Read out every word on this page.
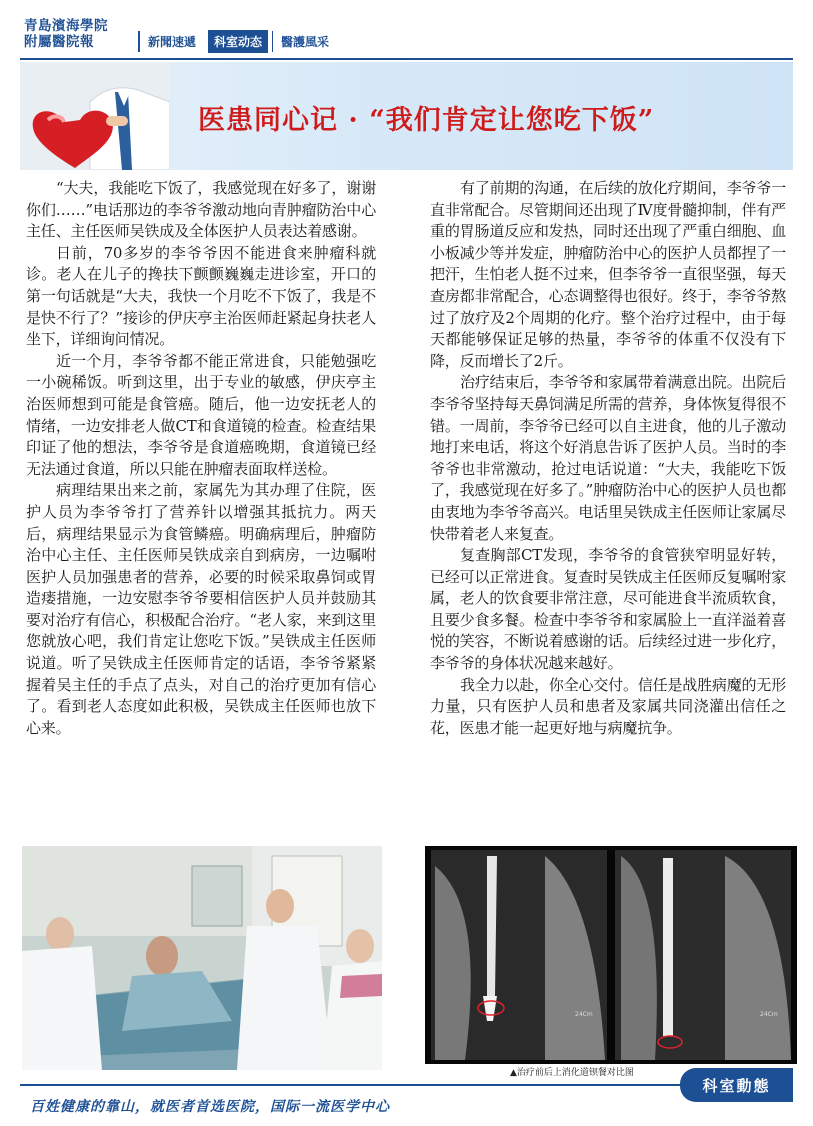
青島濱海學院
附屬醫院報	新聞速遞	科室动态	醫護風采
医患同心记 · “我们肯定让您吃下饭”

“大夫，我能吃下饭了，我感觉现在好多了，谢谢你们……”电话那边的李爷爷激动地向青肿瘤防治中心主任、主任医师吴铁成及全体医护人员表达着感谢。

日前，70多岁的李爷爷因不能进食来肿瘤科就诊。老人在儿子的搀扶下颤颤巍巍走进诊室，开口的第一句话就是“大夫，我快一个月吃不下饭了，我是不是快不行了？”接诊的伊庆亭主治医师赶紧起身扶老人坐下，详细询问情况。

近一个月，李爷爷都不能正常进食，只能勉强吃一小碗稀饭。听到这里，出于专业的敏感，伊庆亭主治医师想到可能是食管癌。随后，他一边安抚老人的情绪，一边安排老人做CT和食道镜的检查。检查结果印证了他的想法，李爷爷是食道癌晚期，食道镜已经无法通过食道，所以只能在肿瘤表面取样送检。

病理结果出来之前，家属先为其办理了住院，医护人员为李爷爷打了营养针以增强其抵抗力。两天后，病理结果显示为食管鳞癌。明确病理后，肿瘤防治中心主任、主任医师吴铁成亲自到病房，一边嘱咐医护人员加强患者的营养，必要的时候采取鼻饲或胃造瘘措施，一边安慰李爷爷要相信医护人员并鼓励其要对治疗有信心，积极配合治疗。“老人家，来到这里您就放心吧，我们肯定让您吃下饭。”吴铁成主任医师说道。听了吴铁成主任医师肯定的话语，李爷爷紧紧握着吴主任的手点了点头，对自己的治疗更加有信心了。看到老人态度如此积极，吴铁成主任医师也放下心来。

有了前期的沟通，在后续的放化疗期间，李爷爷一直非常配合。尽管期间还出现了Ⅳ度骨髓抑制，伴有严重的胃肠道反应和发热，同时还出现了严重白细胞、血小板减少等并发症，肿瘤防治中心的医护人员都捏了一把汗，生怕老人挺不过来，但李爷爷一直很坚强，每天查房都非常配合，心态调整得也很好。终于，李爷爷熬过了放疗及2个周期的化疗。整个治疗过程中，由于每天都能够保证足够的热量，李爷爷的体重不仅没有下降，反而增长了2斤。

治疗结束后，李爷爷和家属带着满意出院。出院后李爷爷坚持每天鼻饲满足所需的营养，身体恢复得很不错。一周前，李爷爷已经可以自主进食，他的儿子激动地打来电话，将这个好消息告诉了医护人员。当时的李爷爷也非常激动，抢过电话说道：“大夫，我能吃下饭了，我感觉现在好多了。”肿瘤防治中心的医护人员也都由衷地为李爷爷高兴。电话里吴铁成主任医师让家属尽快带着老人来复查。

复查胸部CT发现，李爷爷的食管狭窄明显好转，已经可以正常进食。复查时吴铁成主任医师反复嘱咐家属，老人的饮食要非常注意，尽可能进食半流质软食，且要少食多餐。检查中李爷爷和家属脸上一直洋溢着喜悦的笑容，不断说着感谢的话。后续经过进一步化疗，李爷爷的身体状况越来越好。

我全力以赴，你全心交付。信任是战胜病魔的无形力量，只有医护人员和患者及家属共同浇灌出信任之花，医患才能一起更好地与病魔抗争。

24Cm	24Cm
▲治疗前后上消化道钡餐对比图
科室動態
百姓健康的靠山，就医者首选医院，国际一流医学中心
